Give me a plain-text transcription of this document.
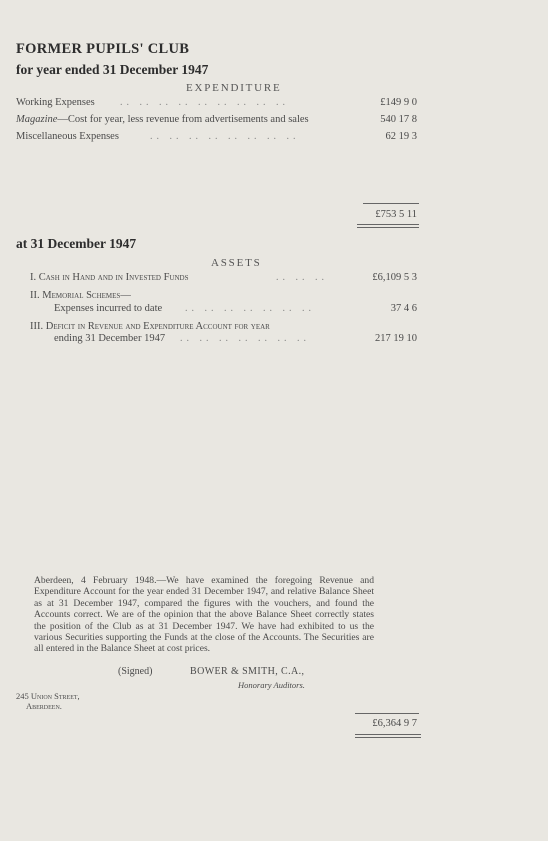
FORMER PUPILS' CLUB
for year ended 31 December 1947
EXPENDITURE
Working Expenses	.. .. .. .. .. .. .. .. ..	£149 9 0
Magazine—Cost for year, less revenue from advertisements and sales	540 17 8
Miscellaneous Expenses	.. .. .. .. .. .. .. ..	62 19 3
£753 5 11
at 31 December 1947
ASSETS
I. Cash in Hand and in Invested Funds	.. .. ..	£6,109 5 3
II. Memorial Schemes—
Expenses incurred to date .. .. .. .. .. .. ..	37 4 6
III. Deficit in Revenue and Expenditure Account for year
ending 31 December 1947 .. .. .. .. .. .. ..	217 19 10
Aberdeen, 4 February 1948.—We have examined the foregoing Revenue and Expenditure Account for the year ended 31 December 1947, and relative Balance Sheet as at 31 December 1947, compared the figures with the vouchers, and found the Accounts correct. We are of the opinion that the above Balance Sheet correctly states the position of the Club as at 31 December 1947. We have had exhibited to us the various Securities supporting the Funds at the close of the Accounts. The Securities are all entered in the Balance Sheet at cost prices.
(Signed)	BOWER & SMITH, C.A.,
Honorary Auditors.
245 Union Street,
Aberdeen.
£6,364 9 7
